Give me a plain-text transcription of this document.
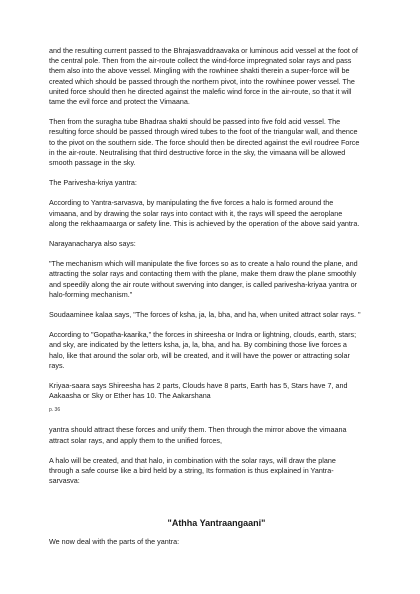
and the resulting current passed to the Bhrajasvaddraavaka or luminous acid vessel at the foot of
the central pole. Then from the air-route collect the wind-force impregnated solar rays and pass
them also into the above vessel. Mingling with the rowhinee shakti therein a super-force will be
created which should be passed through the northern pivot, into the rowhinee power vessel. The
united force should then he directed against the malefic wind force in the air-route, so that it will
tame the evil force and protect the Vimaana.

Then from the suragha tube Bhadraa shakti should be passed into five fold acid vessel. The
resulting force should be passed through wired tubes to the foot of the triangular wall, and thence
to the pivot on the southern side. The force should then be directed against the evil roudree Force
in the air-route. Neutralising that third destructive force in the sky, the vimaana will be allowed
smooth passage in the sky.

The Parivesha-kriya yantra:

According to Yantra-sarvasva, by manipulating the five forces a halo is formed around the
vimaana, and by drawing the solar rays into contact with it, the rays will speed the aeroplane
along the rekhaamaarga or safety line. This is achieved by the operation of the above said yantra.

Narayanacharya also says:

"The mechanism which will manipulate the five forces so as to create a halo round the plane, and
attracting the solar rays and contacting them with the plane, make them draw the plane smoothly
and speedily along the air route without swerving into danger, is called parivesha-kriyaa yantra or
halo-forming mechanism."

Soudaaminee kalaa says, "The forces of ksha, ja, la, bha, and ha, when united attract solar rays. "

According to "Gopatha-kaarika," the forces in shireesha or Indra or lightning, clouds, earth, stars;
and sky, are indicated by the letters ksha, ja, la, bha, and ha. By combining those live forces a
halo, like that around the solar orb, will be created, and it will have the power or attracting solar
rays.

Kriyaa-saara says Shireesha has 2 parts, Clouds have 8 parts, Earth has 5, Stars have 7, and
Aakaasha or Sky or Ether has 10. The Aakarshana

p. 36

yantra should attract these forces and unify them. Then through the mirror above the vimaana
attract solar rays, and apply them to the unified forces,

A halo will be created, and that halo, in combination with the solar rays, will draw the plane
through a safe course like a bird held by a string, Its formation is thus explained in Yantra-
sarvasva:

"Athha Yantraangaani"

We now deal with the parts of the yantra:
